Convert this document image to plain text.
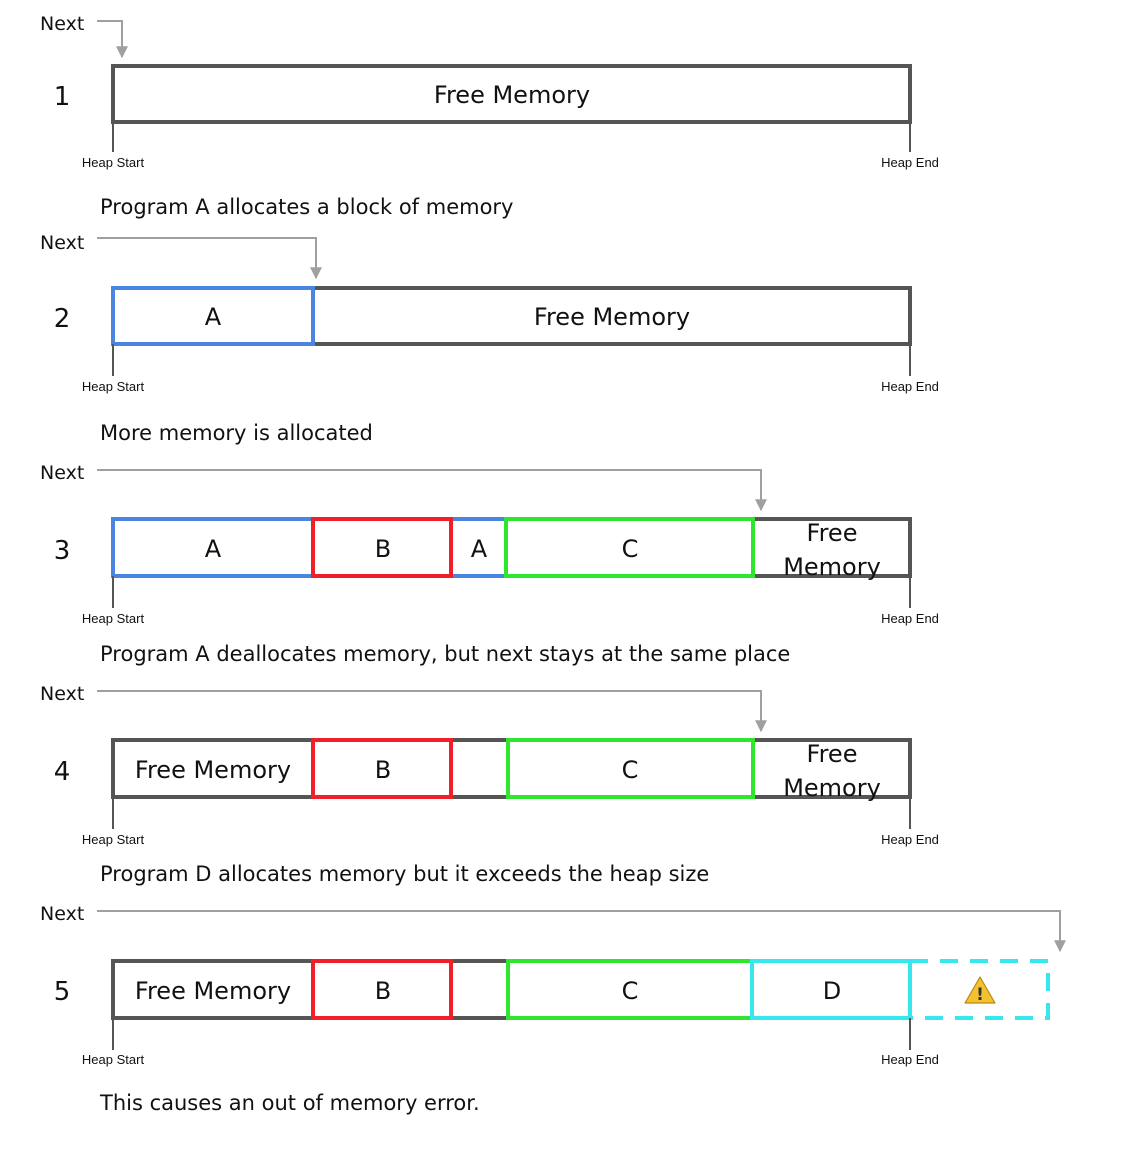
Next
1	Free Memory
Heap Start	Heap End
Program A allocates a block of memory
Next
2	A	Free Memory
Heap Start	Heap End
More memory is allocated
Next
3	A	B	A	C
Free
Memory
Heap Start	Heap End
Program A deallocates memory, but next stays at the same place
Next
4	Free Memory	B	C
Free
Memory
Heap Start	Heap End
Program D allocates memory but it exceeds the heap size
Next
5	!
Free Memory	B	C	D
Heap Start	Heap End
This causes an out of memory error.
